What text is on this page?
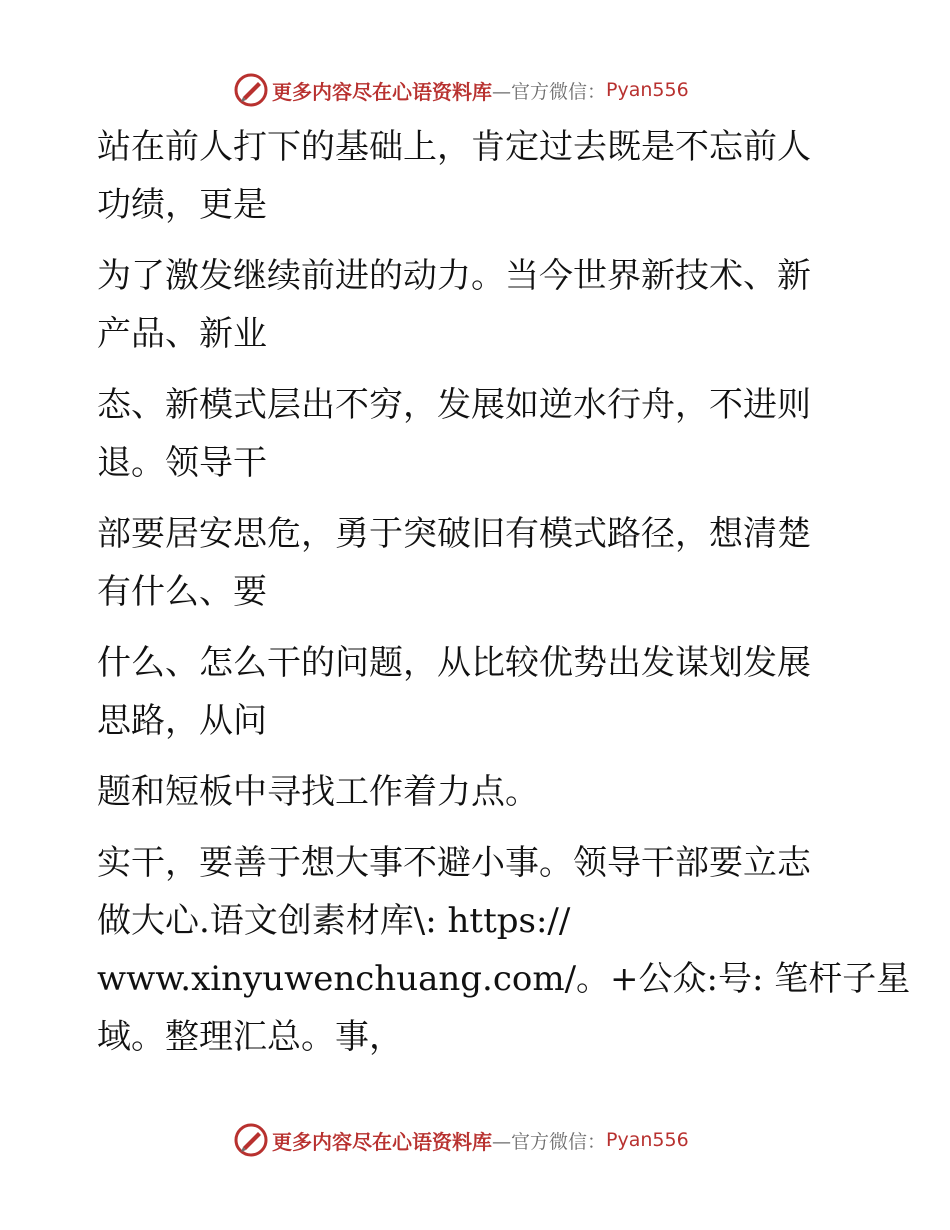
更多内容尽在心语资料库 —官方微信： Pyan556
站在前人打下的基础上，肯定过去既是不忘前人
功绩，更是
为了激发继续前进的动力。当今世界新技术、新
产品、新业
态、新模式层出不穷，发展如逆水行舟，不进则
退。领导干
部要居安思危，勇于突破旧有模式路径，想清楚
有什么、要
什么、怎么干的问题，从比较优势出发谋划发展
思路，从问
题和短板中寻找工作着力点。
实干，要善于想大事不避小事。领导干部要立志
做大心.语文创素材库\: https://
www.xinyuwenchuang.com/。+公众:号: 笔杆子星
域。整理汇总。事，
更多内容尽在心语资料库 —官方微信： Pyan556
